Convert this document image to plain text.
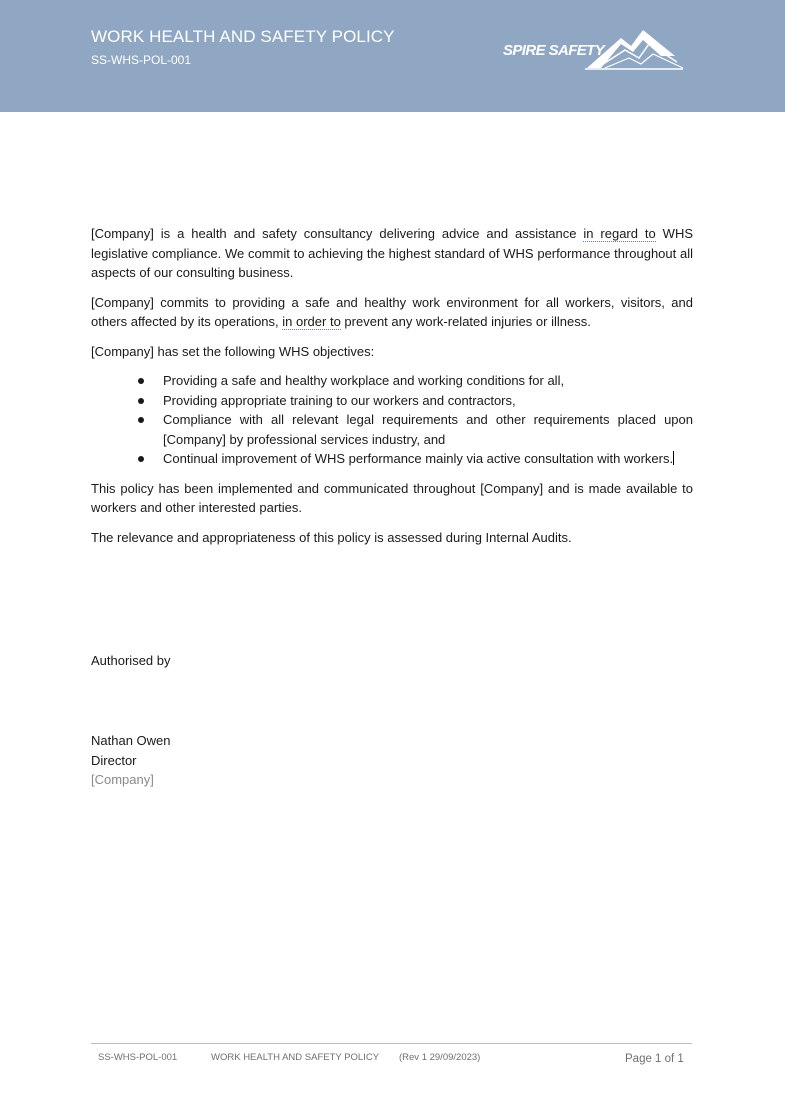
WORK HEALTH AND SAFETY POLICY
SS-WHS-POL-001
SPIRE SAFETY

[Company] is a health and safety consultancy delivering advice and assistance in regard to WHS legislative compliance. We commit to achieving the highest standard of WHS performance throughout all aspects of our consulting business.

[Company] commits to providing a safe and healthy work environment for all workers, visitors, and others affected by its operations, in order to prevent any work-related injuries or illness.

[Company] has set the following WHS objectives:

Providing a safe and healthy workplace and working conditions for all,
Providing appropriate training to our workers and contractors,
Compliance with all relevant legal requirements and other requirements placed upon [Company] by professional services industry, and
Continual improvement of WHS performance mainly via active consultation with workers.

This policy has been implemented and communicated throughout [Company] and is made available to workers and other interested parties.

The relevance and appropriateness of this policy is assessed during Internal Audits.

Authorised by
Nathan Owen
Director
[Company]
SS-WHS-POL-001	WORK HEALTH AND SAFETY POLICY (Rev 1 29/09/2023)	Page 1 of 1
